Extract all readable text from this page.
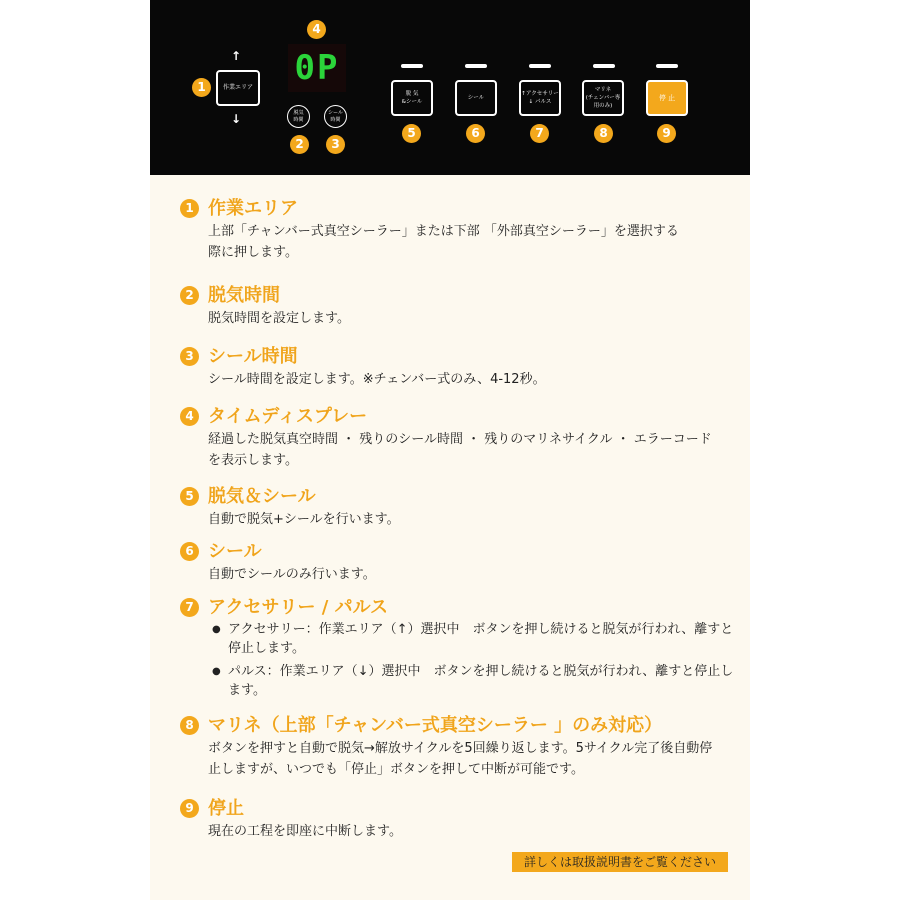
1
↑
作業エリア
↓
4
0P
脱気
時間
シール
時間
2	3
脱 気
&シール
シール
↑アクセサリー
↓ パルス
マリネ
(チェンバー専用のみ)
停 止
5	6	7	8	9
1 作業エリア
上部「チャンバー式真空シーラー」または下部 「外部真空シーラー」を選択する
際に押します。
2 脱気時間
脱気時間を設定します。
3 シール時間
シール時間を設定します。※チェンバー式のみ、4-12秒。
4 タイムディスプレー
経過した脱気真空時間 ・ 残りのシール時間 ・ 残りのマリネサイクル ・ エラーコード
を表示します。
5 脱気＆シール
自動で脱気+シールを行います。
6 シール
自動でシールのみ行います。
7 アクセサリー / パルス
● アクセサリー：作業エリア（↑）選択中　ボタンを押し続けると脱気が行われ、離すと
停止します。
● パルス：作業エリア（↓）選択中　ボタンを押し続けると脱気が行われ、離すと停止し
ます。
8 マリネ（上部「チャンバー式真空シーラー 」のみ対応）
ボタンを押すと自動で脱気→解放サイクルを5回繰り返します。5サイクル完了後自動停
止しますが、いつでも「停止」ボタンを押して中断が可能です。
9 停止
現在の工程を即座に中断します。
詳しくは取扱説明書をご覧ください
